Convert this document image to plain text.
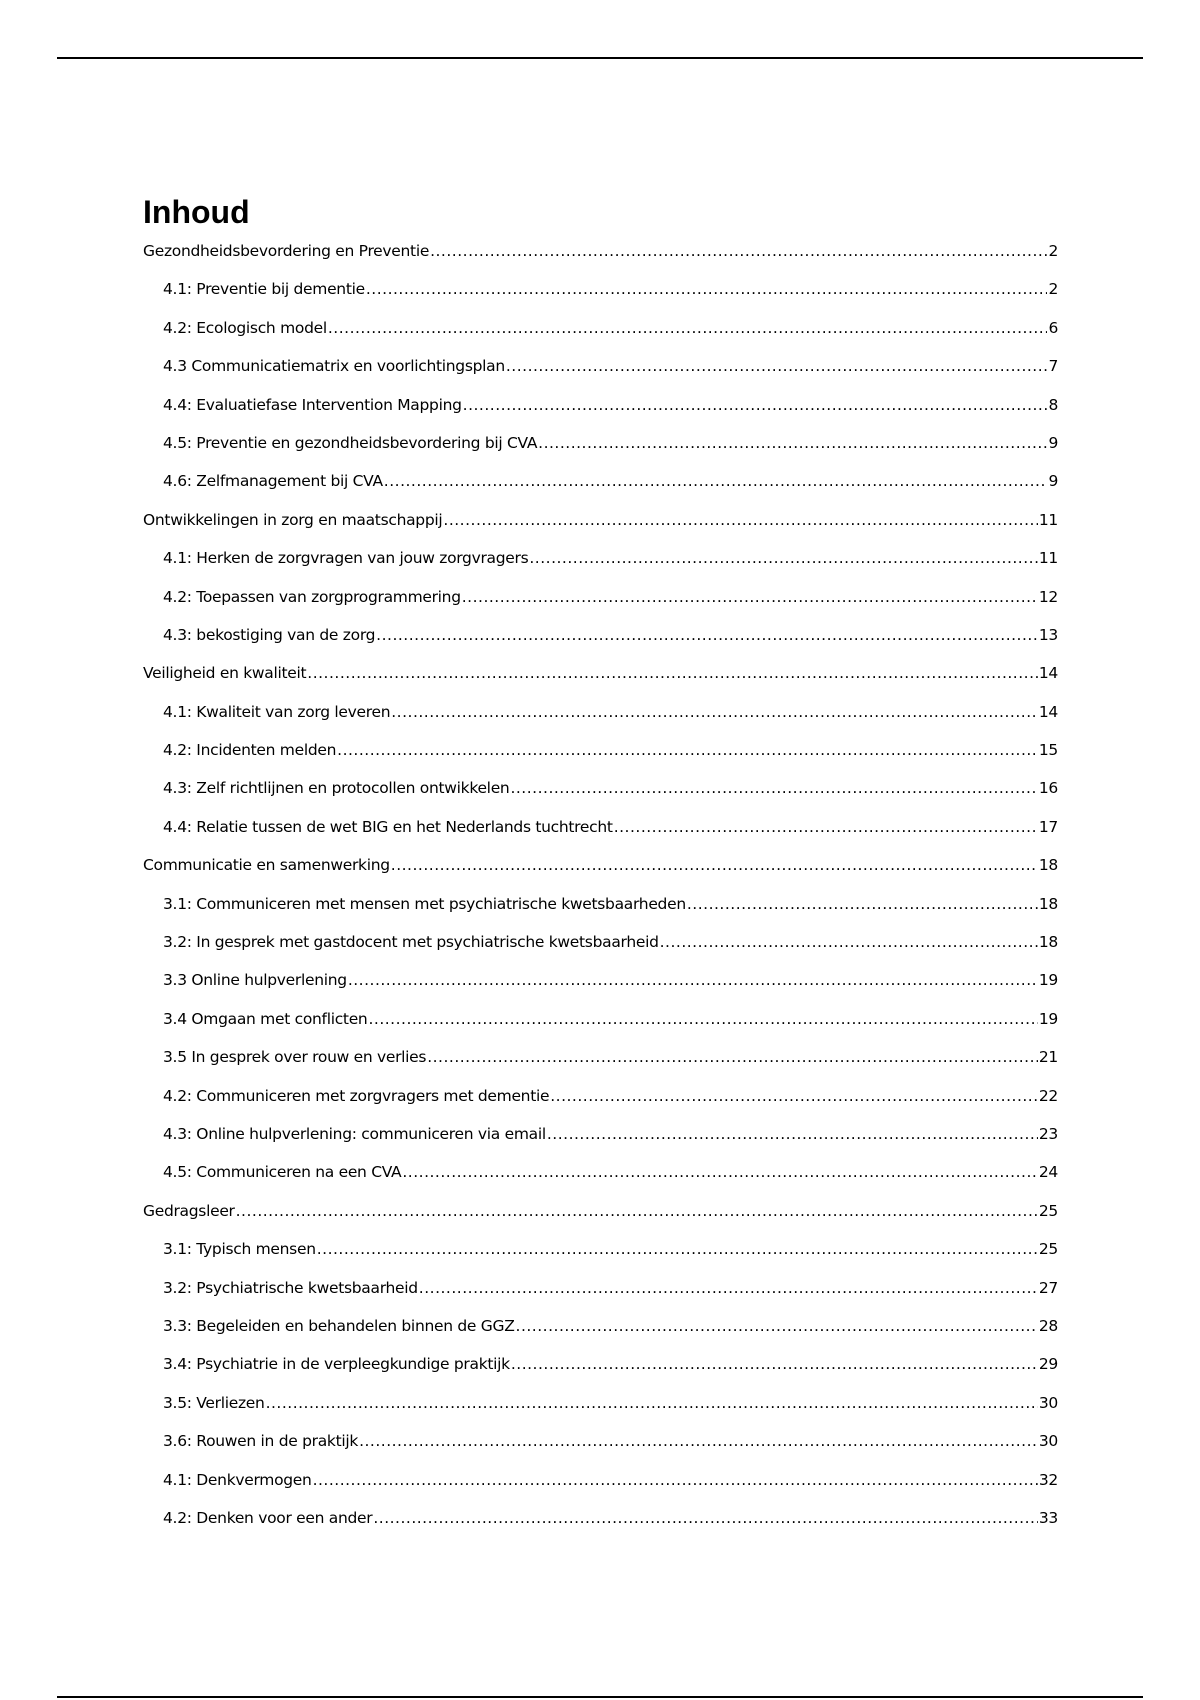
Inhoud
Gezondheidsbevordering en Preventie .....	2
4.1: Preventie bij dementie .....	2
4.2: Ecologisch model .....	6
4.3 Communicatiematrix en voorlichtingsplan .....	7
4.4: Evaluatiefase Intervention Mapping .....	8
4.5: Preventie en gezondheidsbevordering bij CVA .....	9
4.6: Zelfmanagement bij CVA .....	9
Ontwikkelingen in zorg en maatschappij .....	11
4.1: Herken de zorgvragen van jouw zorgvragers .....	11
4.2: Toepassen van zorgprogrammering .....	12
4.3: bekostiging van de zorg .....	13
Veiligheid en kwaliteit .....	14
4.1: Kwaliteit van zorg leveren .....	14
4.2: Incidenten melden .....	15
4.3: Zelf richtlijnen en protocollen ontwikkelen .....	16
4.4: Relatie tussen de wet BIG en het Nederlands tuchtrecht .....	17
Communicatie en samenwerking .....	18
3.1: Communiceren met mensen met psychiatrische kwetsbaarheden .....	18
3.2: In gesprek met gastdocent met psychiatrische kwetsbaarheid .....	18
3.3 Online hulpverlening .....	19
3.4 Omgaan met conflicten .....	19
3.5 In gesprek over rouw en verlies .....	21
4.2: Communiceren met zorgvragers met dementie .....	22
4.3: Online hulpverlening: communiceren via email .....	23
4.5: Communiceren na een CVA .....	24
Gedragsleer .....	25
3.1: Typisch mensen .....	25
3.2: Psychiatrische kwetsbaarheid .....	27
3.3: Begeleiden en behandelen binnen de GGZ .....	28
3.4: Psychiatrie in de verpleegkundige praktijk .....	29
3.5: Verliezen .....	30
3.6: Rouwen in de praktijk .....	30
4.1: Denkvermogen .....	32
4.2: Denken voor een ander .....	33
